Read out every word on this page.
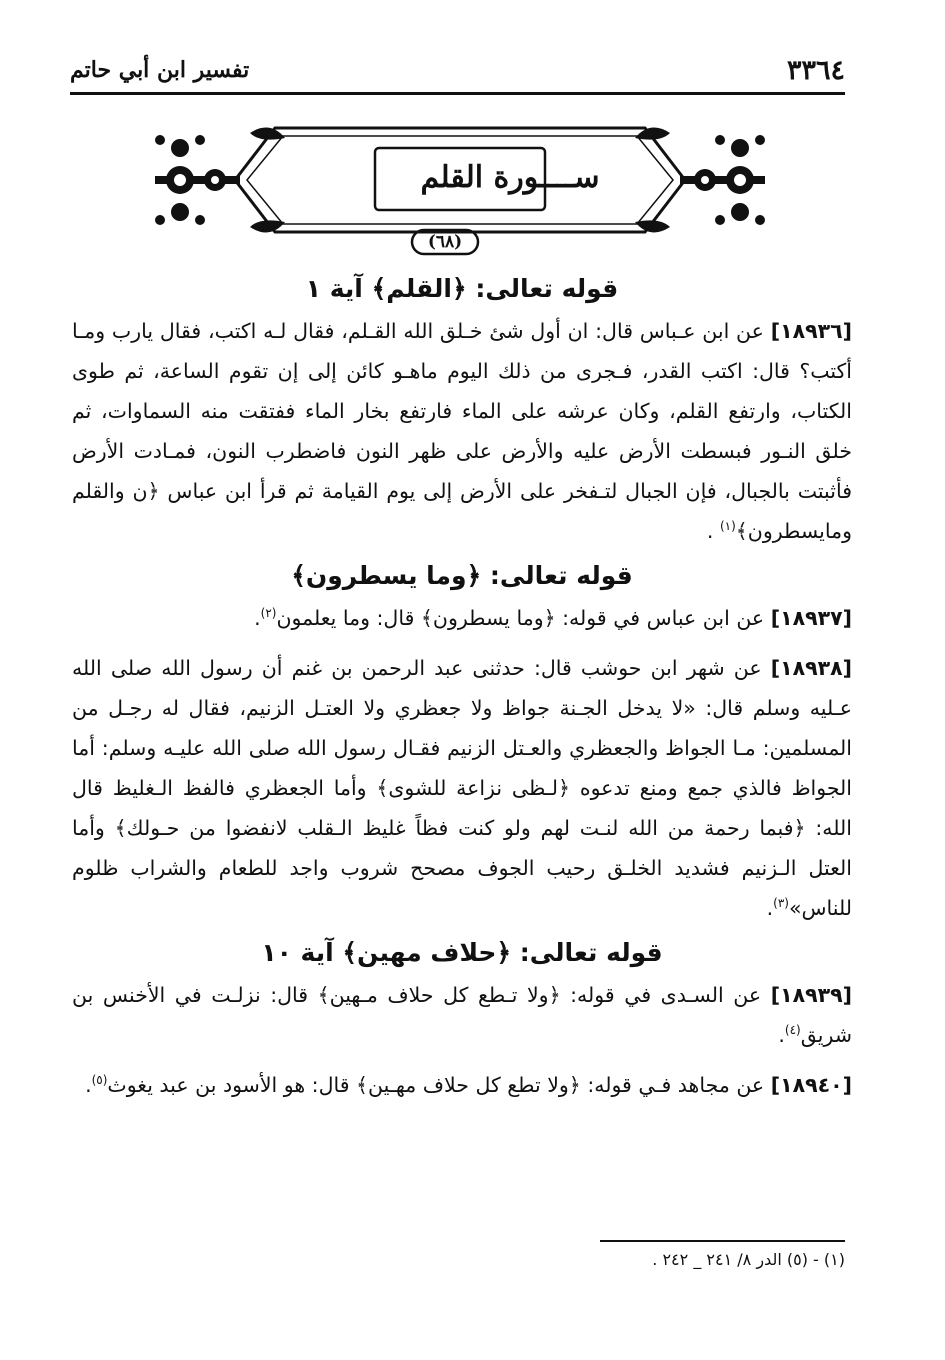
٣٣٦٤
تفسير ابن أبي حاتم
ســــورة القلم
(٦٨)
قوله تعالى: ﴿القلم﴾ آية ١

[١٨٩٣٦] عن ابن عـباس قال: ان أول شئ خـلق الله القـلم، فقال لـه اكتب، فقال يارب ومـا أكتب؟ قال: اكتب القدر، فـجرى من ذلك اليوم ماهـو كائن إلى إن تقوم الساعة، ثم طوى الكتاب، وارتفع القلم، وكان عرشه على الماء فارتفع بخار الماء ففتقت منه السماوات، ثم خلق النـور فبسطت الأرض عليه والأرض على ظهر النون فاضطرب النون، فمـادت الأرض فأثبتت بالجبال، فإن الجبال لتـفخر على الأرض إلى يوم القيامة ثم قرأ ابن عباس ﴿ن والقلم ومايسطرون﴾$^{(١)}$ .

قوله تعالى: ﴿وما يسطرون﴾

[١٨٩٣٧] عن ابن عباس في قوله: ﴿وما يسطرون﴾ قال: وما يعلمون$^{(٢)}$.

[١٨٩٣٨] عن شهر ابن حوشب قال: حدثنى عبد الرحمن بن غنم أن رسول الله صلى الله عـليه وسلم قال: «لا يدخل الجـنة جواظ ولا جعظري ولا العتـل الزنيم، فقال له رجـل من المسلمين: مـا الجواظ والجعظري والعـتل الزنيم فقـال رسول الله صلى الله عليـه وسلم: أما الجواظ فالذي جمع ومنع تدعوه ﴿لـظى نزاعة للشوى﴾ وأما الجعظري فالفظ الـغليظ قال الله: ﴿فبما رحمة من الله لنـت لهم ولو كنت فظاً غليظ الـقلب لانفضوا من حـولك﴾ وأما العتل الـزنيم فشديد الخلـق رحيب الجوف مصحح شروب واجد للطعام والشراب ظلوم للناس»$^{(٣)}$.

قوله تعالى: ﴿حلاف مهين﴾ آية ١٠

[١٨٩٣٩] عن السـدى في قوله: ﴿ولا تـطع كل حلاف مـهين﴾ قال: نزلـت في الأخنس بن شريق$^{(٤)}$.

[١٨٩٤٠] عن مجاهد فـي قوله: ﴿ولا تطع كل حلاف مهـين﴾ قال: هو الأسود بن عبد يغوث$^{(٥)}$.

(١) - (٥) الدر ٨/ ٢٤١ _ ٢٤٢ .
